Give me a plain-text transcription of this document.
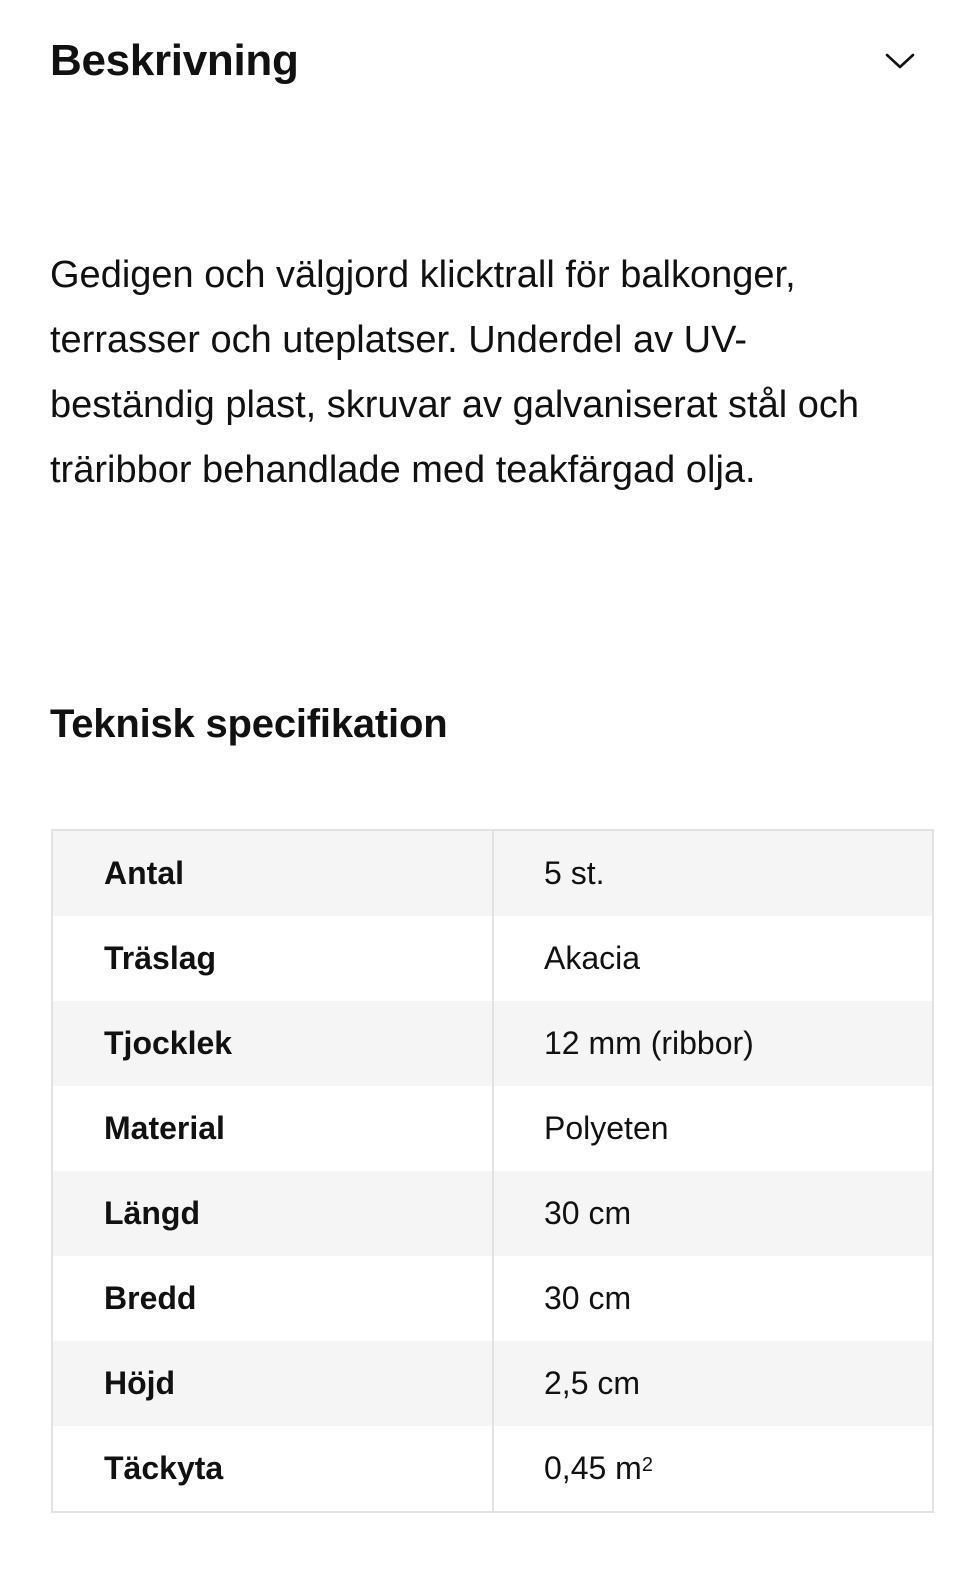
Beskrivning

Gedigen och välgjord klicktrall för balkonger, terrasser och uteplatser. Underdel av UV-beständig plast, skruvar av galvaniserat stål och träribbor behandlade med teakfärgad olja.

Teknisk specifikation
Antal	5 st.
Träslag	Akacia
Tjocklek	12 mm (ribbor)
Material	Polyeten
Längd	30 cm
Bredd	30 cm
Höjd	2,5 cm
Täckyta	0,45 $m^2$
